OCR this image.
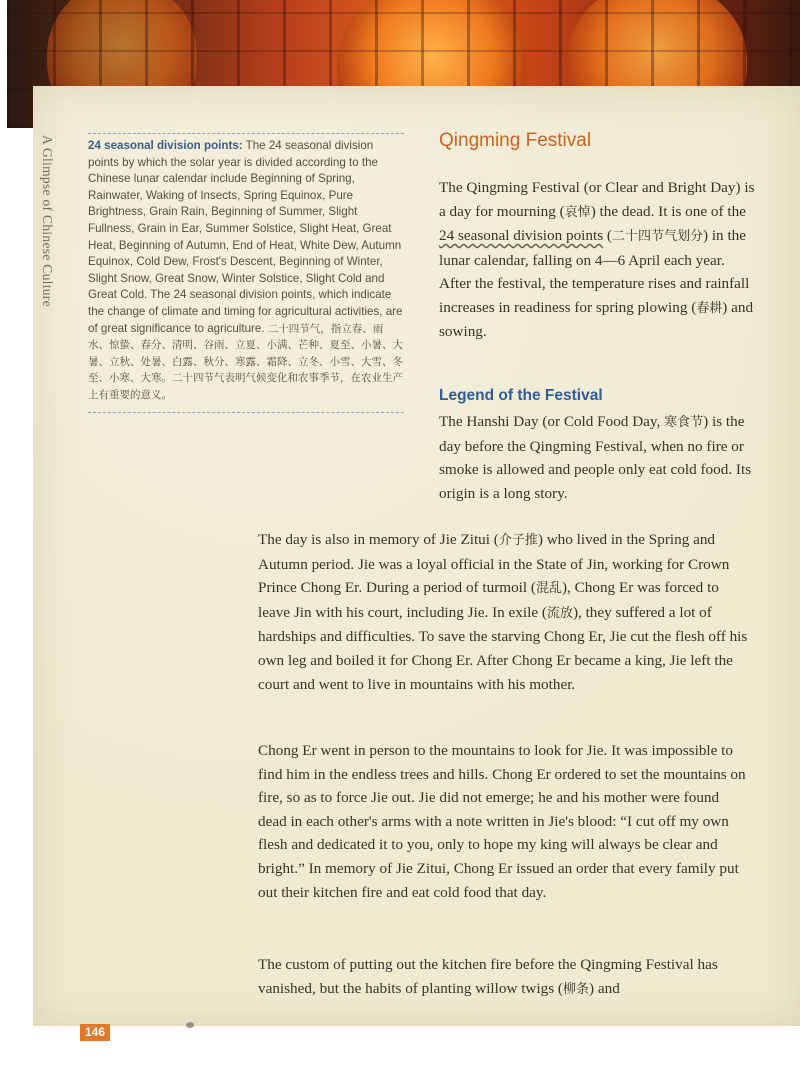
A Glimpse of Chinese Culture	24 seasonal division points: The 24 seasonal division points by which the solar year is divided according to the Chinese lunar calendar include Beginning of Spring, Rainwater, Waking of Insects, Spring Equinox, Pure Brightness, Grain Rain, Beginning of Summer, Slight Fullness, Grain in Ear, Summer Solstice, Slight Heat, Great Heat, Beginning of Autumn, End of Heat, White Dew, Autumn Equinox, Cold Dew, Frost's Descent, Beginning of Winter, Slight Snow, Great Snow, Winter Solstice, Slight Cold and Great Cold. The 24 seasonal division points, which indicate the change of climate and timing for agricultural activities, are of great significance to agriculture. 二十四节气，指立春、雨水、惊蛰、春分、清明、谷雨、立夏、小满、芒种、夏至、小暑、大暑、立秋、处暑、白露、秋分、寒露、霜降、立冬、小雪、大雪、冬至、小寒、大寒。二十四节气表明气候变化和农事季节，在农业生产上有重要的意义。
Qingming Festival
The Qingming Festival (or Clear and Bright Day) is a day for mourning (哀悼) the dead. It is one of the 24 seasonal division points (二十四节气划分) in the lunar calendar, falling on 4—6 April each year. After the festival, the temperature rises and rainfall increases in readiness for spring plowing (春耕) and sowing.
Legend of the Festival
The Hanshi Day (or Cold Food Day, 寒食节) is the day before the Qingming Festival, when no fire or smoke is allowed and people only eat cold food. Its origin is a long story.
The day is also in memory of Jie Zitui (介子推) who lived in the Spring and Autumn period. Jie was a loyal official in the State of Jin, working for Crown Prince Chong Er. During a period of turmoil (混乱), Chong Er was forced to leave Jin with his court, including Jie. In exile (流放), they suffered a lot of hardships and difficulties. To save the starving Chong Er, Jie cut the flesh off his own leg and boiled it for Chong Er. After Chong Er became a king, Jie left the court and went to live in mountains with his mother.
Chong Er went in person to the mountains to look for Jie. It was impossible to find him in the endless trees and hills. Chong Er ordered to set the mountains on fire, so as to force Jie out. Jie did not emerge; he and his mother were found dead in each other's arms with a note written in Jie's blood: “I cut off my own flesh and dedicated it to you, only to hope my king will always be clear and bright.” In memory of Jie Zitui, Chong Er issued an order that every family put out their kitchen fire and eat cold food that day.
The custom of putting out the kitchen fire before the Qingming Festival has vanished, but the habits of planting willow twigs (柳条) and
146
